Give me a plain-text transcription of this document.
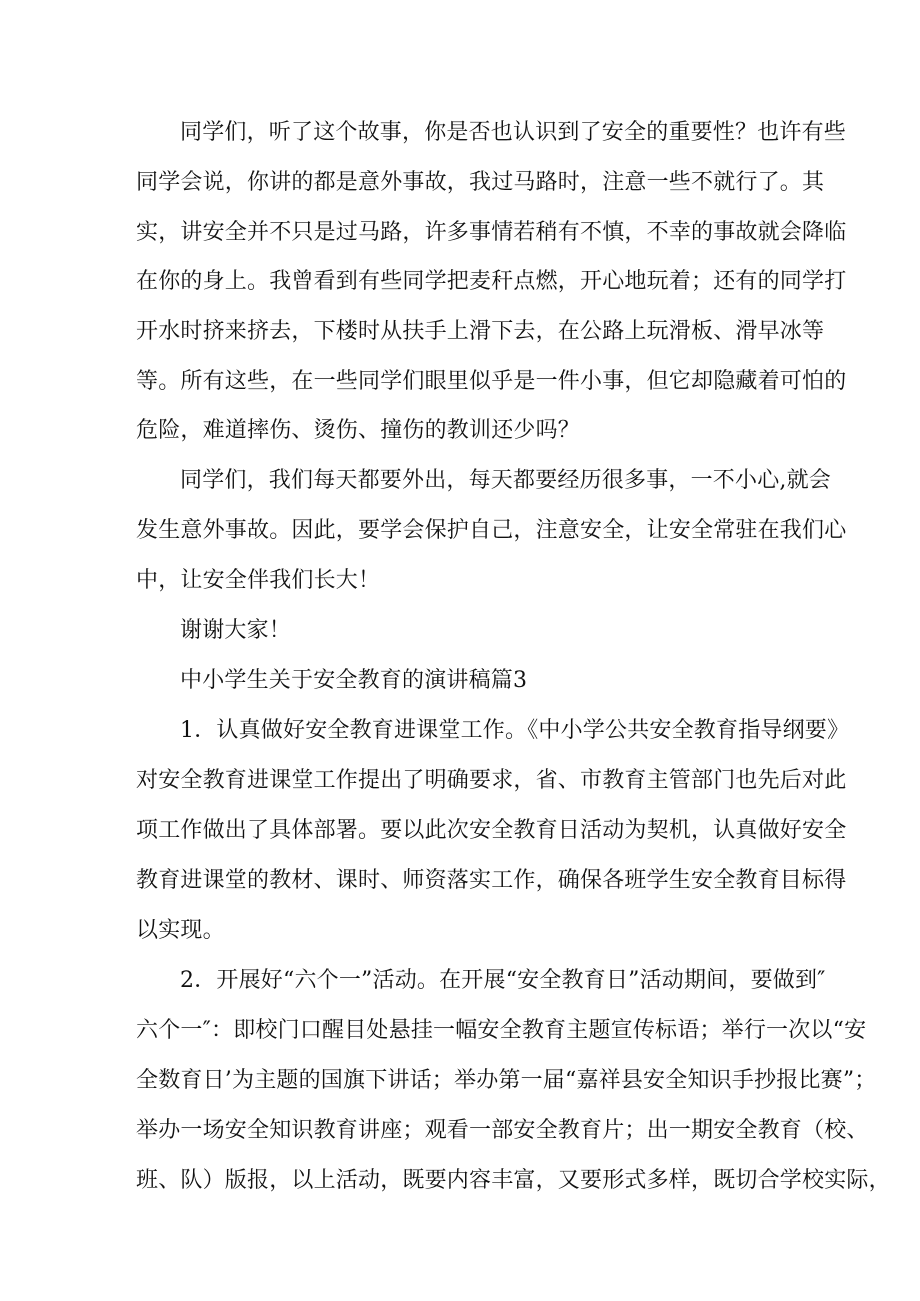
同学们，听了这个故事，你是否也认识到了安全的重要性？也许有些
同学会说，你讲的都是意外事故，我过马路时，注意一些不就行了。其
实，讲安全并不只是过马路，许多事情若稍有不慎，不幸的事故就会降临
在你的身上。我曾看到有些同学把麦秆点燃，开心地玩着；还有的同学打
开水时挤来挤去，下楼时从扶手上滑下去，在公路上玩滑板、滑早冰等
等。所有这些，在一些同学们眼里似乎是一件小事，但它却隐藏着可怕的
危险，难道摔伤、烫伤、撞伤的教训还少吗？
同学们，我们每天都要外出，每天都要经历很多事，一不小心,就会
发生意外事故。因此，要学会保护自己，注意安全，让安全常驻在我们心
中，让安全伴我们长大！
谢谢大家！
中小学生关于安全教育的演讲稿篇3
1．认真做好安全教育进课堂工作。《中小学公共安全教育指导纲要》
对安全教育进课堂工作提出了明确要求，省、市教育主管部门也先后对此
项工作做出了具体部署。要以此次安全教育日活动为契机，认真做好安全
教育进课堂的教材、课时、师资落实工作，确保各班学生安全教育目标得
以实现。
2．开展好“六个一”活动。在开展“安全教育日”活动期间，要做到″
六个一″：即校门口醒目处悬挂一幅安全教育主题宣传标语；举行一次以“安
全数育日’为主题的国旗下讲话；举办第一届“嘉祥县安全知识手抄报比赛”；
举办一场安全知识教育讲座；观看一部安全教育片；出一期安全教育（校、
班、队）版报，以上活动，既要内容丰富，又要形式多样，既切合学校实际，
